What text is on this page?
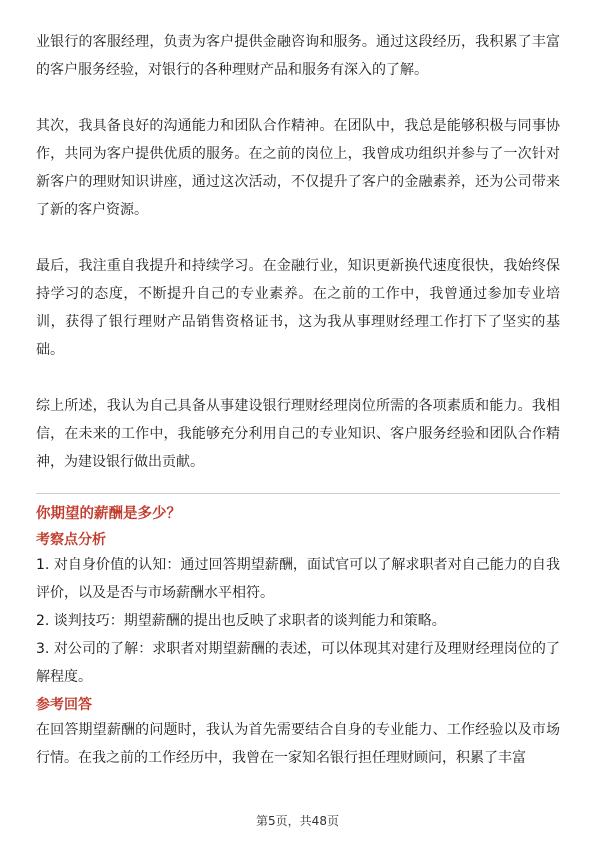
业银行的客服经理，负责为客户提供金融咨询和服务。通过这段经历，我积累了丰富的客户服务经验，对银行的各种理财产品和服务有深入的了解。

其次，我具备良好的沟通能力和团队合作精神。在团队中，我总是能够积极与同事协作，共同为客户提供优质的服务。在之前的岗位上，我曾成功组织并参与了一次针对新客户的理财知识讲座，通过这次活动，不仅提升了客户的金融素养，还为公司带来了新的客户资源。

最后，我注重自我提升和持续学习。在金融行业，知识更新换代速度很快，我始终保持学习的态度，不断提升自己的专业素养。在之前的工作中，我曾通过参加专业培训，获得了银行理财产品销售资格证书，这为我从事理财经理工作打下了坚实的基础。

综上所述，我认为自己具备从事建设银行理财经理岗位所需的各项素质和能力。我相信，在未来的工作中，我能够充分利用自己的专业知识、客户服务经验和团队合作精神，为建设银行做出贡献。

你期望的薪酬是多少？

考察点分析

1. 对自身价值的认知：通过回答期望薪酬，面试官可以了解求职者对自己能力的自我评价，以及是否与市场薪酬水平相符。

2. 谈判技巧：期望薪酬的提出也反映了求职者的谈判能力和策略。

3. 对公司的了解：求职者对期望薪酬的表述，可以体现其对建行及理财经理岗位的了解程度。

参考回答

在回答期望薪酬的问题时，我认为首先需要结合自身的专业能力、工作经验以及市场行情。在我之前的工作经历中，我曾在一家知名银行担任理财顾问，积累了丰富

第5页，共48页
